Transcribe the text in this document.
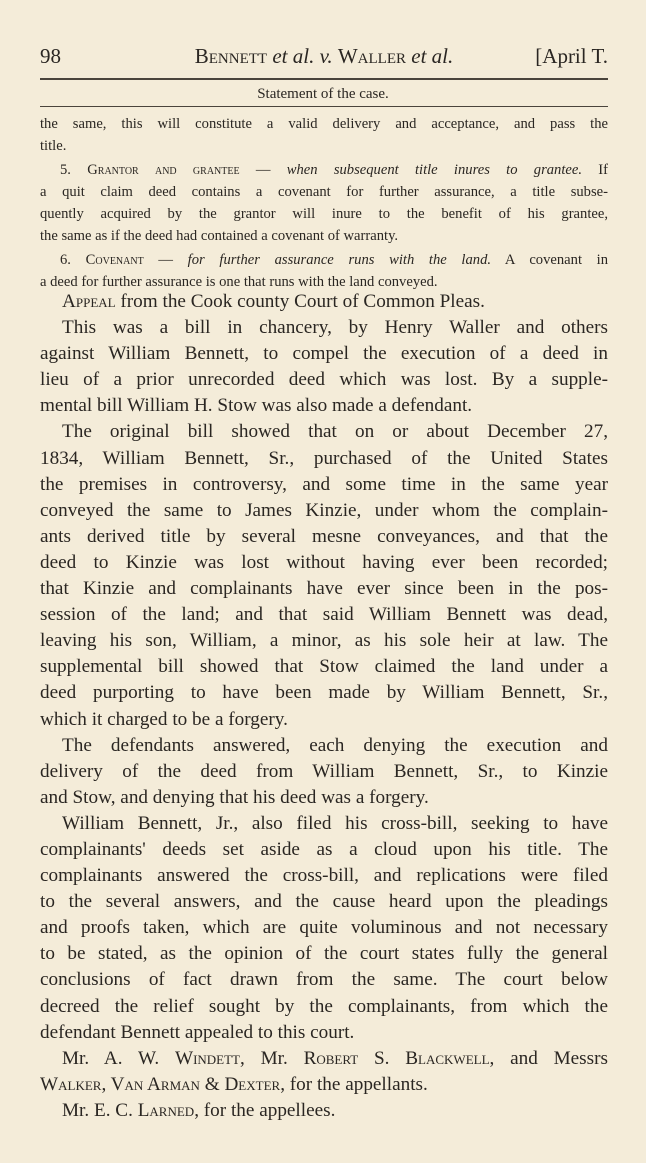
98	Bennett et al. v. Waller et al.	[April T.
Statement of the case.
the same, this will constitute a valid delivery and acceptance, and pass the
title.
5. Grantor and grantee — when subsequent title inures to grantee. If
a quit claim deed contains a covenant for further assurance, a title subse-
quently acquired by the grantor will inure to the benefit of his grantee,
the same as if the deed had contained a covenant of warranty.
6. Covenant — for further assurance runs with the land. A covenant in
a deed for further assurance is one that runs with the land conveyed.
Appeal from the Cook county Court of Common Pleas.
This was a bill in chancery, by Henry Waller and others
against William Bennett, to compel the execution of a deed in
lieu of a prior unrecorded deed which was lost. By a supple-
mental bill William H. Stow was also made a defendant.
The original bill showed that on or about December 27,
1834, William Bennett, Sr., purchased of the United States
the premises in controversy, and some time in the same year
conveyed the same to James Kinzie, under whom the complain-
ants derived title by several mesne conveyances, and that the
deed to Kinzie was lost without having ever been recorded;
that Kinzie and complainants have ever since been in the pos-
session of the land; and that said William Bennett was dead,
leaving his son, William, a minor, as his sole heir at law. The
supplemental bill showed that Stow claimed the land under a
deed purporting to have been made by William Bennett, Sr.,
which it charged to be a forgery.
The defendants answered, each denying the execution and
delivery of the deed from William Bennett, Sr., to Kinzie
and Stow, and denying that his deed was a forgery.
William Bennett, Jr., also filed his cross-bill, seeking to have
complainants' deeds set aside as a cloud upon his title. The
complainants answered the cross-bill, and replications were filed
to the several answers, and the cause heard upon the pleadings
and proofs taken, which are quite voluminous and not necessary
to be stated, as the opinion of the court states fully the general
conclusions of fact drawn from the same. The court below
decreed the relief sought by the complainants, from which the
defendant Bennett appealed to this court.
Mr. A. W. Windett, Mr. Robert S. Blackwell, and Messrs
Walker, Van Arman & Dexter, for the appellants.
Mr. E. C. Larned, for the appellees.
